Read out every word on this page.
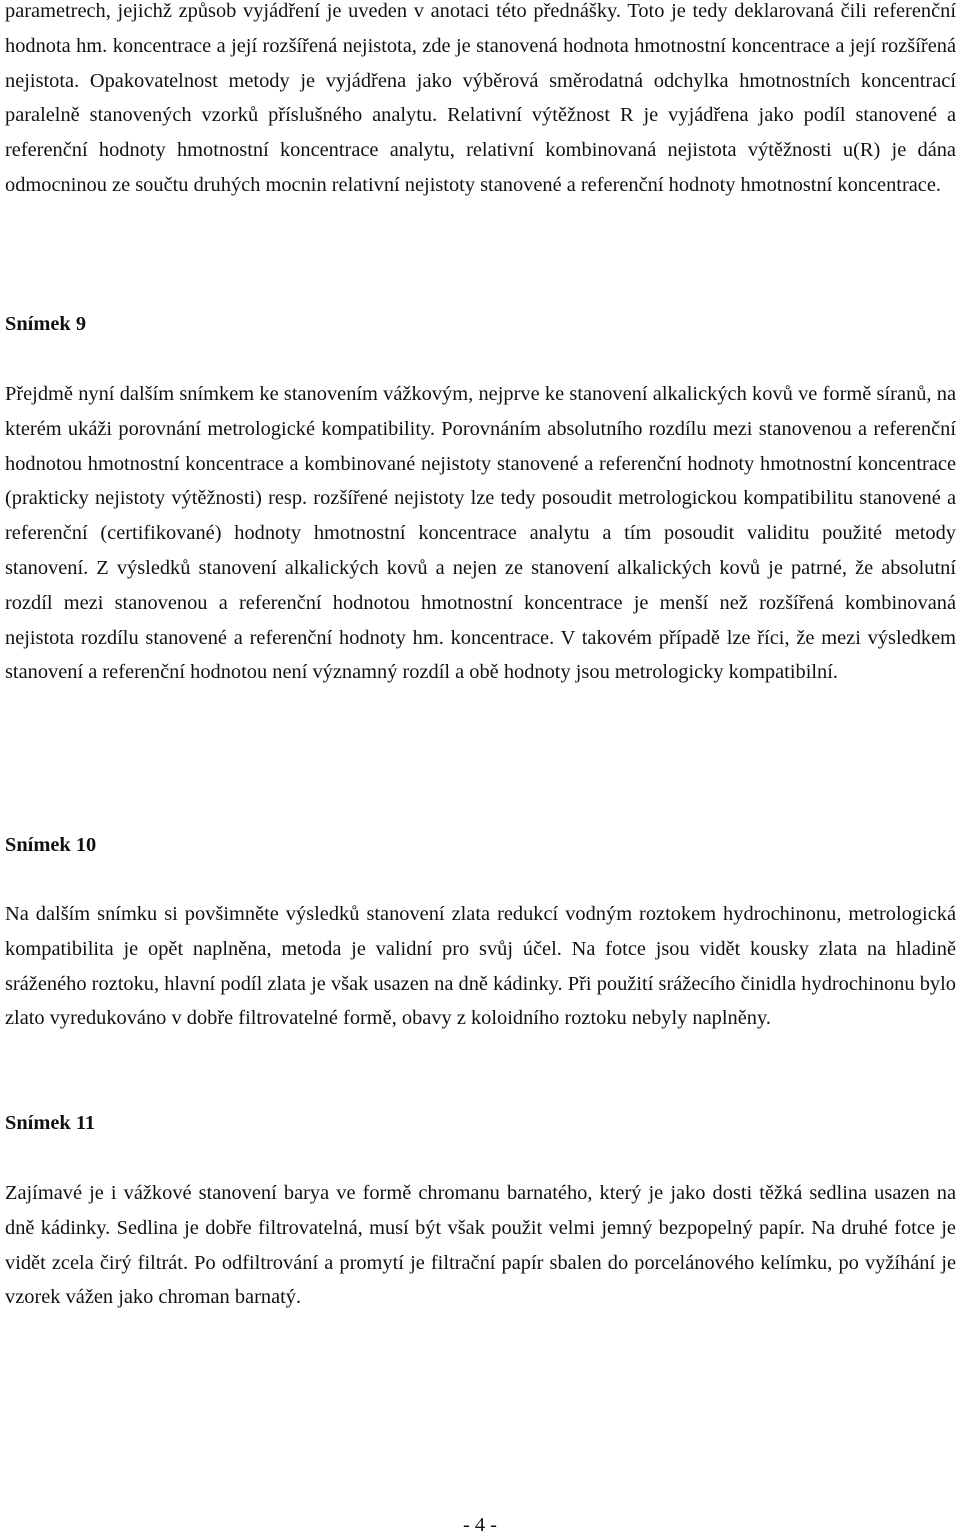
parametrech, jejichž způsob vyjádření je uveden v anotaci této přednášky. Toto je tedy deklarovaná čili referenční hodnota hm. koncentrace a její rozšířená nejistota, zde je stanovená hodnota hmotnostní koncentrace a její rozšířená nejistota. Opakovatelnost metody je vyjádřena jako výběrová směrodatná odchylka hmotnostních koncentrací paralelně stanovených vzorků příslušného analytu. Relativní výtěžnost R je vyjádřena jako podíl stanovené a referenční hodnoty hmotnostní koncentrace analytu, relativní kombinovaná nejistota výtěžnosti u(R) je dána odmocninou ze součtu druhých mocnin relativní nejistoty stanovené a referenční hodnoty hmotnostní koncentrace.

Snímek 9

Přejdmě nyní dalším snímkem ke stanovením vážkovým, nejprve ke stanovení alkalických kovů ve formě síranů, na kterém ukáži porovnání metrologické kompatibility. Porovnáním absolutního rozdílu mezi stanovenou a referenční hodnotou hmotnostní koncentrace a kombinované nejistoty stanovené a referenční hodnoty hmotnostní koncentrace (prakticky nejistoty výtěžnosti) resp. rozšířené nejistoty lze tedy posoudit metrologickou kompatibilitu stanovené a referenční (certifikované) hodnoty hmotnostní koncentrace analytu a tím posoudit validitu použité metody stanovení. Z výsledků stanovení alkalických kovů a nejen ze stanovení alkalických kovů je patrné, že absolutní rozdíl mezi stanovenou a referenční hodnotou hmotnostní koncentrace je menší než rozšířená kombinovaná nejistota rozdílu stanovené a referenční hodnoty hm. koncentrace. V takovém případě lze říci, že mezi výsledkem stanovení a referenční hodnotou není významný rozdíl a obě hodnoty jsou metrologicky kompatibilní.

Snímek 10

Na dalším snímku si povšimněte výsledků stanovení zlata redukcí vodným roztokem hydrochinonu, metrologická kompatibilita je opět naplněna, metoda je validní pro svůj účel. Na fotce jsou vidět kousky zlata na hladině sráženého roztoku, hlavní podíl zlata je však usazen na dně kádinky. Při použití srážecího činidla hydrochinonu bylo zlato vyredukováno v dobře filtrovatelné formě, obavy z koloidního roztoku nebyly naplněny.

Snímek 11

Zajímavé je i vážkové stanovení barya ve formě chromanu barnatého, který je jako dosti těžká sedlina usazen na dně kádinky. Sedlina je dobře filtrovatelná, musí být však použit velmi jemný bezpopelný papír. Na druhé fotce je vidět zcela čirý filtrát. Po odfiltrování a promytí je filtrační papír sbalen do porcelánového kelímku, po vyžíhání je vzorek vážen jako chroman barnatý.

- 4 -
